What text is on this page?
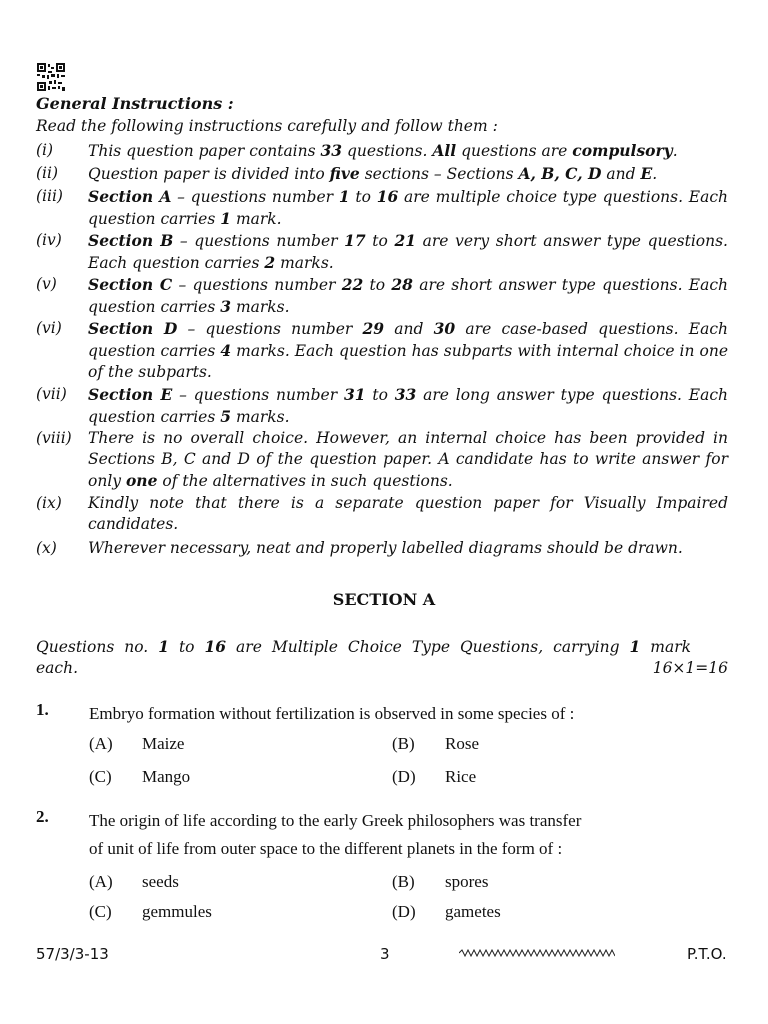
General Instructions :
Read the following instructions carefully and follow them :
(i) This question paper contains 33 questions. All questions are compulsory.
(ii) Question paper is divided into five sections – Sections A, B, C, D and E.
(iii) Section A – questions number 1 to 16 are multiple choice type questions. Each question carries 1 mark.
(iv) Section B – questions number 17 to 21 are very short answer type questions. Each question carries 2 marks.
(v) Section C – questions number 22 to 28 are short answer type questions. Each question carries 3 marks.
(vi) Section D – questions number 29 and 30 are case-based questions. Each question carries 4 marks. Each question has subparts with internal choice in one of the subparts.
(vii) Section E – questions number 31 to 33 are long answer type questions. Each question carries 5 marks.
(viii) There is no overall choice. However, an internal choice has been provided in Sections B, C and D of the question paper. A candidate has to write answer for only one of the alternatives in such questions.
(ix) Kindly note that there is a separate question paper for Visually Impaired candidates.
(x) Wherever necessary, neat and properly labelled diagrams should be drawn.
SECTION A
Questions no. 1 to 16 are Multiple Choice Type Questions, carrying 1 mark
each.	16×1=16
1. Embryo formation without fertilization is observed in some species of :
(A) Maize	(B) Rose
(C) Mango	(D) Rice
2. The origin of life according to the early Greek philosophers was transfer
of unit of life from outer space to the different planets in the form of :
(A) seeds	(B) spores
(C) gemmules	(D) gametes
57/3/3-13	3	P.T.O.
